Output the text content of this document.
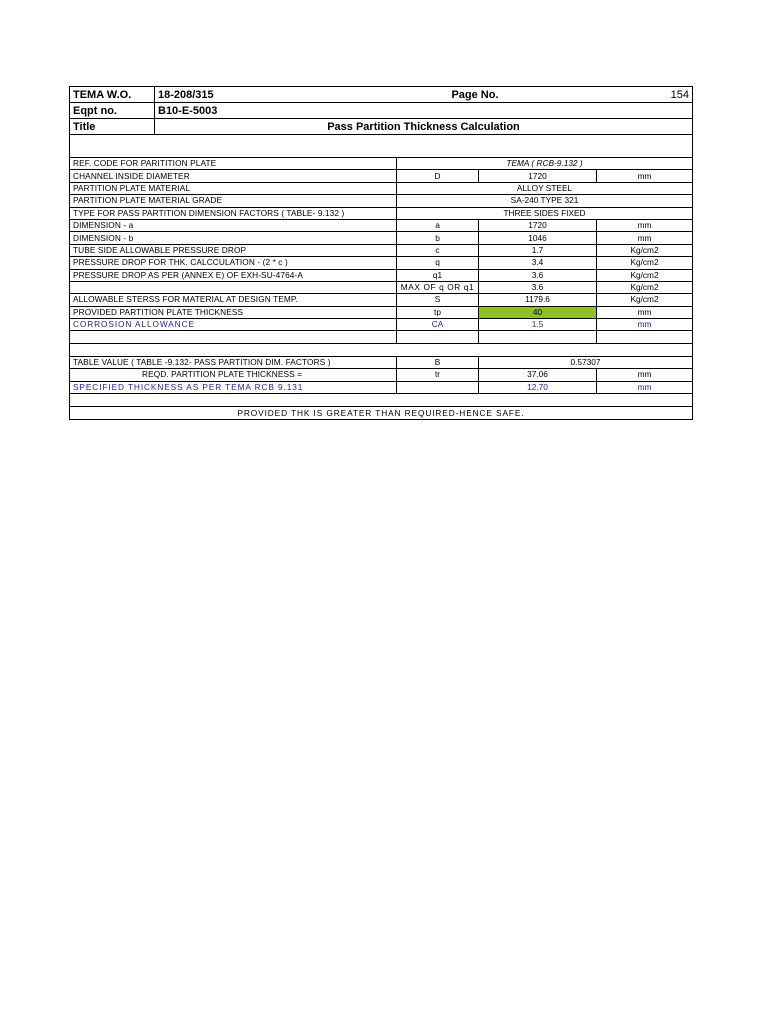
TEMA W.O.	18-208/315	Page No.		154
Eqpt no.	B10-E-5003			
Title	Pass Partition Thickness Calculation			

REF. CODE FOR PARITITION PLATE		TEMA ( RCB-9.132 )		
CHANNEL INSIDE DIAMETER		D	1720	mm
PARTITION PLATE MATERIAL		ALLOY STEEL		
PARTITION PLATE MATERIAL GRADE		SA-240 TYPE 321		
TYPE FOR PASS PARTITION DIMENSION FACTORS ( TABLE- 9.132 )		THREE SIDES FIXED		
DIMENSION - a		a	1720	mm
DIMENSION - b		b	1046	mm
TUBE SIDE ALLOWABLE PRESSURE DROP		c	1.7	Kg/cm2
PRESSURE DROP FOR THK. CALCCULATION - (2 * c )		q	3.4	Kg/cm2
PRESSURE DROP AS PER (ANNEX E) OF EXH-SU-4764-A		q1	3.6	Kg/cm2
		MAX OF q OR q1	3.6	Kg/cm2
ALLOWABLE STERSS FOR MATERIAL AT DESIGN TEMP.		S	1179.6	Kg/cm2
PROVIDED PARTITION PLATE THICKNESS		tp	40	mm
CORROSION ALLOWANCE		CA	1.5	mm

TABLE VALUE ( TABLE -9.132- PASS PARTITION DIM. FACTORS )		B	0.57307	
REQD. PARTITION PLATE THICKNESS =		tr	37.06	mm
SPECIFIED THICKNESS AS PER TEMA RCB 9.131			12.70	mm

PROVIDED THK IS GREATER THAN REQUIRED-HENCE SAFE.				
